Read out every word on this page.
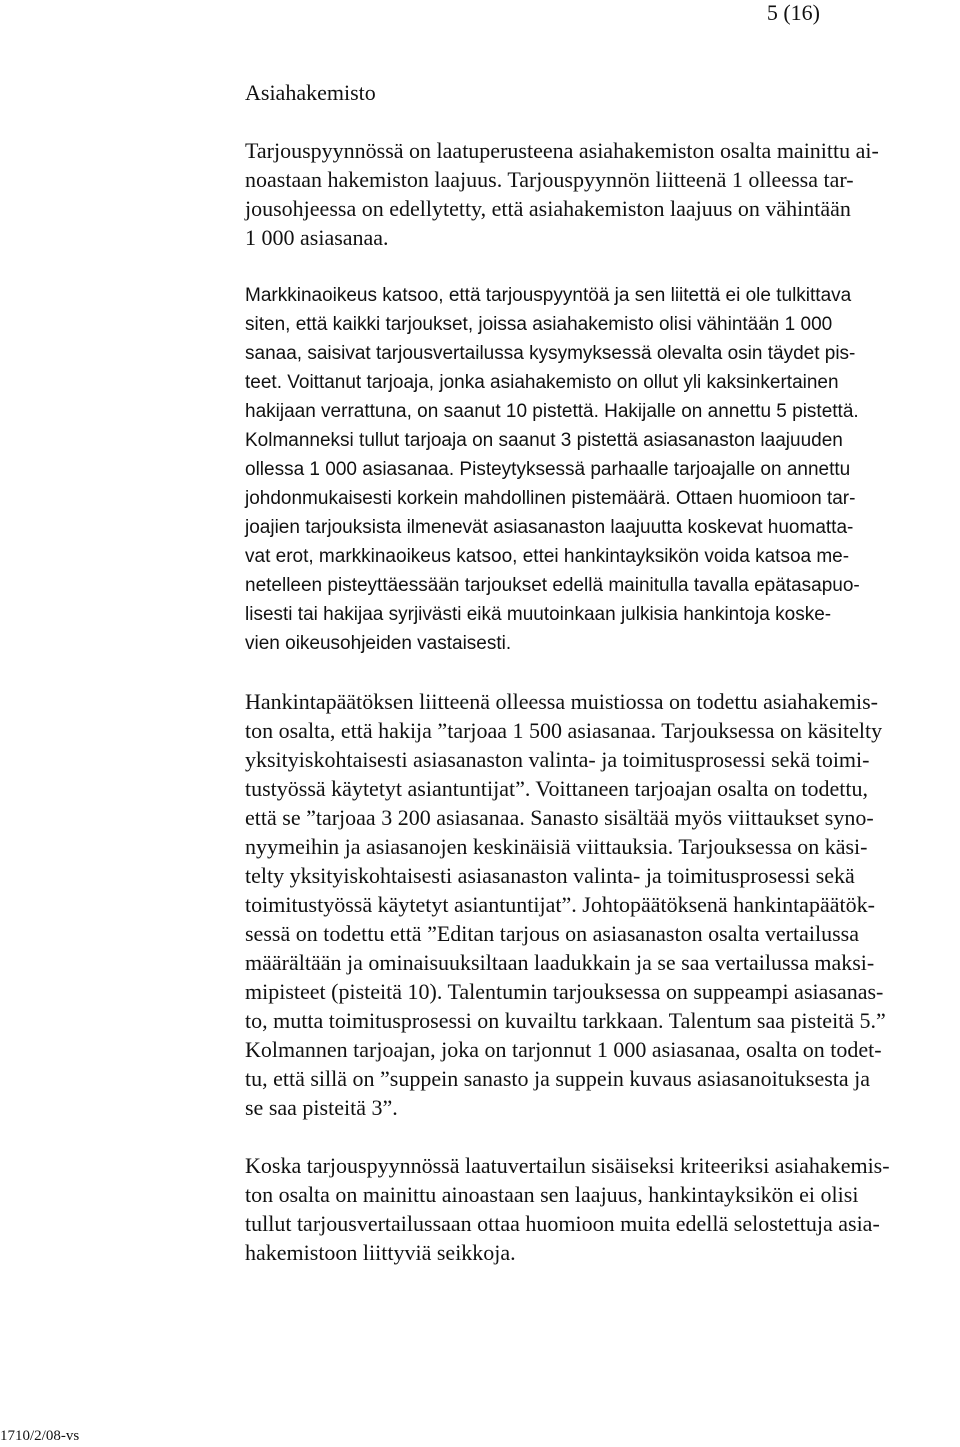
5 (16)
Asiahakemisto
Tarjouspyynnössä on laatuperusteena asiahakemiston osalta mainittu ai-
noastaan hakemiston laajuus. Tarjouspyynnön liitteenä 1 olleessa tar-
jousohjeessa on edellytetty, että asiahakemiston laajuus on vähintään
1 000 asiasanaa.
Markkinaoikeus katsoo, että tarjouspyyntöä ja sen liitettä ei ole tulkittava
siten, että kaikki tarjoukset, joissa asiahakemisto olisi vähintään 1 000
sanaa, saisivat tarjousvertailussa kysymyksessä olevalta osin täydet pis-
teet. Voittanut tarjoaja, jonka asiahakemisto on ollut yli kaksinkertainen
hakijaan verrattuna, on saanut 10 pistettä. Hakijalle on annettu 5 pistettä.
Kolmanneksi tullut tarjoaja on saanut 3 pistettä asiasanaston laajuuden
ollessa 1 000 asiasanaa. Pisteytyksessä parhaalle tarjoajalle on annettu
johdonmukaisesti korkein mahdollinen pistemäärä. Ottaen huomioon tar-
joajien tarjouksista ilmenevät asiasanaston laajuutta koskevat huomatta-
vat erot, markkinaoikeus katsoo, ettei hankintayksikön voida katsoa me-
netelleen pisteyttäessään tarjoukset edellä mainitulla tavalla epätasapuo-
lisesti tai hakijaa syrjivästi eikä muutoinkaan julkisia hankintoja koske-
vien oikeusohjeiden vastaisesti.
Hankintapäätöksen liitteenä olleessa muistiossa on todettu asiahakemis-
ton osalta, että hakija ”tarjoaa 1 500 asiasanaa. Tarjouksessa on käsitelty
yksityiskohtaisesti asiasanaston valinta- ja toimitusprosessi sekä toimi-
tustyössä käytetyt asiantuntijat”. Voittaneen tarjoajan osalta on todettu,
että se ”tarjoaa 3 200 asiasanaa. Sanasto sisältää myös viittaukset syno-
nyymeihin ja asiasanojen keskinäisiä viittauksia. Tarjouksessa on käsi-
telty yksityiskohtaisesti asiasanaston valinta- ja toimitusprosessi sekä
toimitustyössä käytetyt asiantuntijat”. Johtopäätöksenä hankintapäätök-
sessä on todettu että ”Editan tarjous on asiasanaston osalta vertailussa
määrältään ja ominaisuuksiltaan laadukkain ja se saa vertailussa maksi-
mipisteet (pisteitä 10). Talentumin tarjouksessa on suppeampi asiasanas-
to, mutta toimitusprosessi on kuvailtu tarkkaan. Talentum saa pisteitä 5.”
Kolmannen tarjoajan, joka on tarjonnut 1 000 asiasanaa, osalta on todet-
tu, että sillä on ”suppein sanasto ja suppein kuvaus asiasanoituksesta ja
se saa pisteitä 3”.
Koska tarjouspyynnössä laatuvertailun sisäiseksi kriteeriksi asiahakemis-
ton osalta on mainittu ainoastaan sen laajuus, hankintayksikön ei olisi
tullut tarjousvertailussaan ottaa huomioon muita edellä selostettuja asia-
hakemistoon liittyviä seikkoja.
1710/2/08-vs
